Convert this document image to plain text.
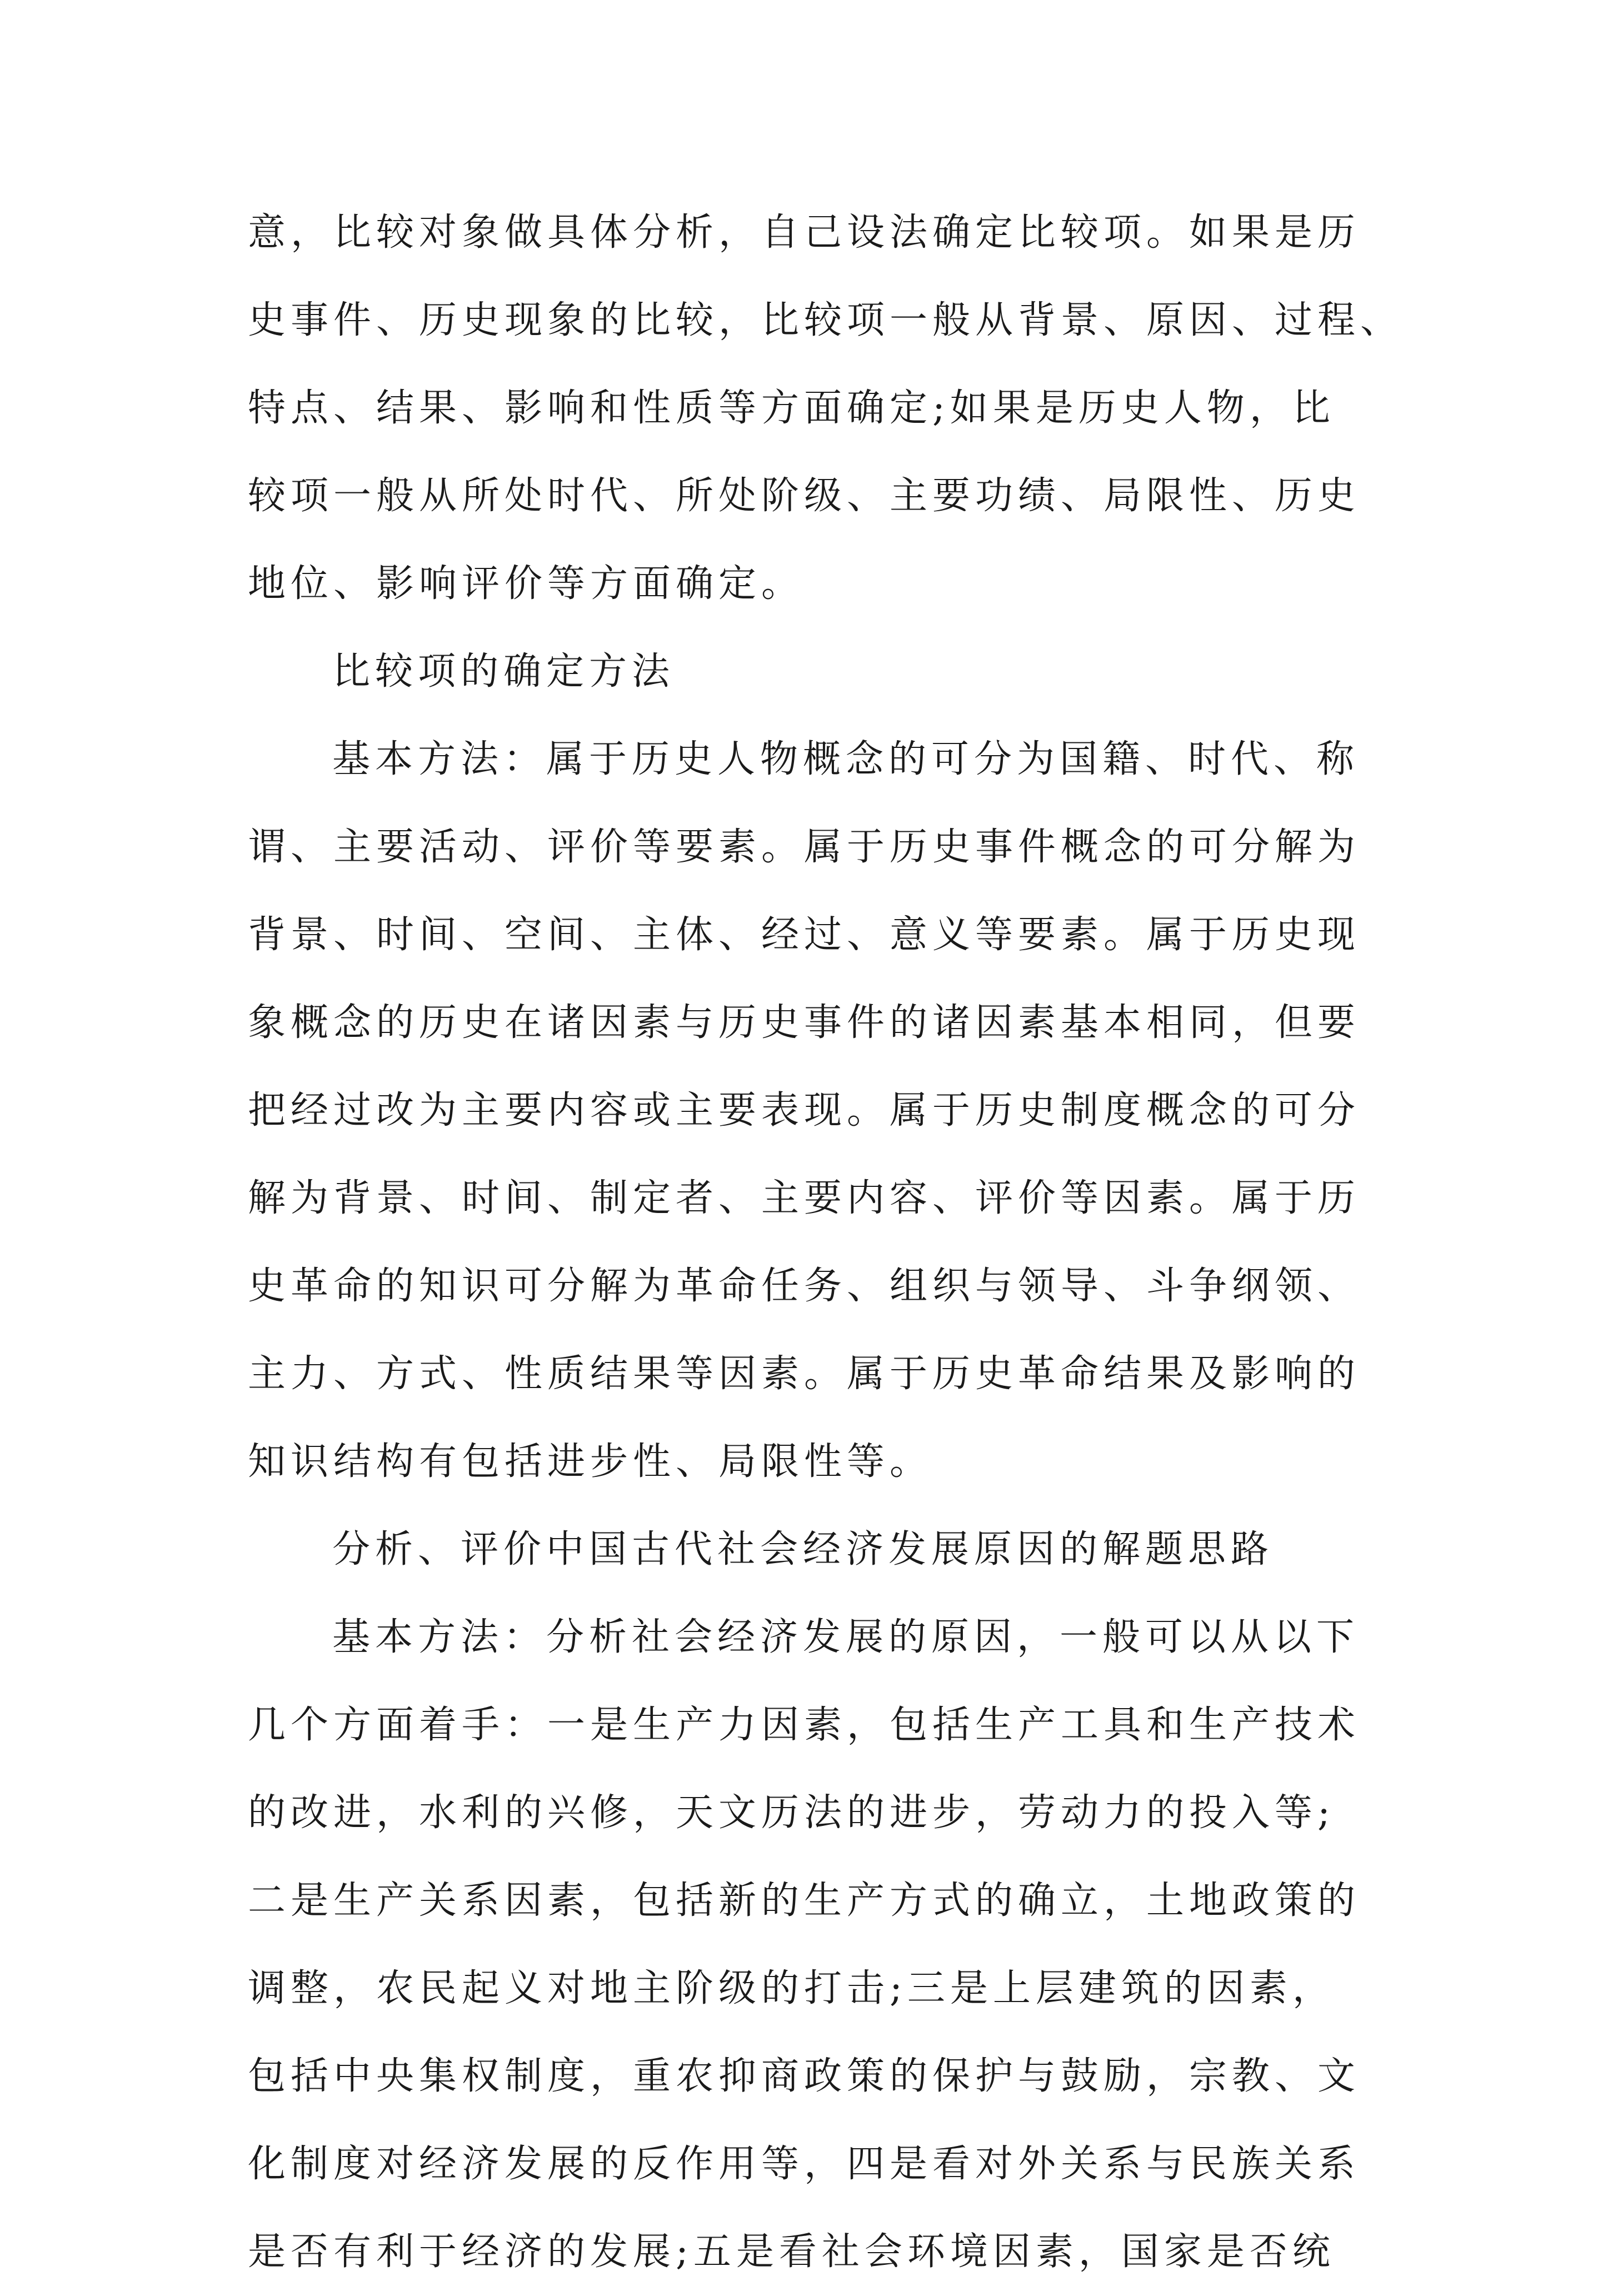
意，比较对象做具体分析，自己设法确定比较项。如果是历
史事件、历史现象的比较，比较项一般从背景、原因、过程、
特点、结果、影响和性质等方面确定;如果是历史人物，比
较项一般从所处时代、所处阶级、主要功绩、局限性、历史
地位、影响评价等方面确定。
比较项的确定方法
基本方法：属于历史人物概念的可分为国籍、时代、称
谓、主要活动、评价等要素。属于历史事件概念的可分解为
背景、时间、空间、主体、经过、意义等要素。属于历史现
象概念的历史在诸因素与历史事件的诸因素基本相同，但要
把经过改为主要内容或主要表现。属于历史制度概念的可分
解为背景、时间、制定者、主要内容、评价等因素。属于历
史革命的知识可分解为革命任务、组织与领导、斗争纲领、
主力、方式、性质结果等因素。属于历史革命结果及影响的
知识结构有包括进步性、局限性等。
分析、评价中国古代社会经济发展原因的解题思路
基本方法：分析社会经济发展的原因，一般可以从以下
几个方面着手：一是生产力因素，包括生产工具和生产技术
的改进，水利的兴修，天文历法的进步，劳动力的投入等;
二是生产关系因素，包括新的生产方式的确立，土地政策的
调整，农民起义对地主阶级的打击;三是上层建筑的因素，
包括中央集权制度，重农抑商政策的保护与鼓励，宗教、文
化制度对经济发展的反作用等，四是看对外关系与民族关系
是否有利于经济的发展;五是看社会环境因素，国家是否统
